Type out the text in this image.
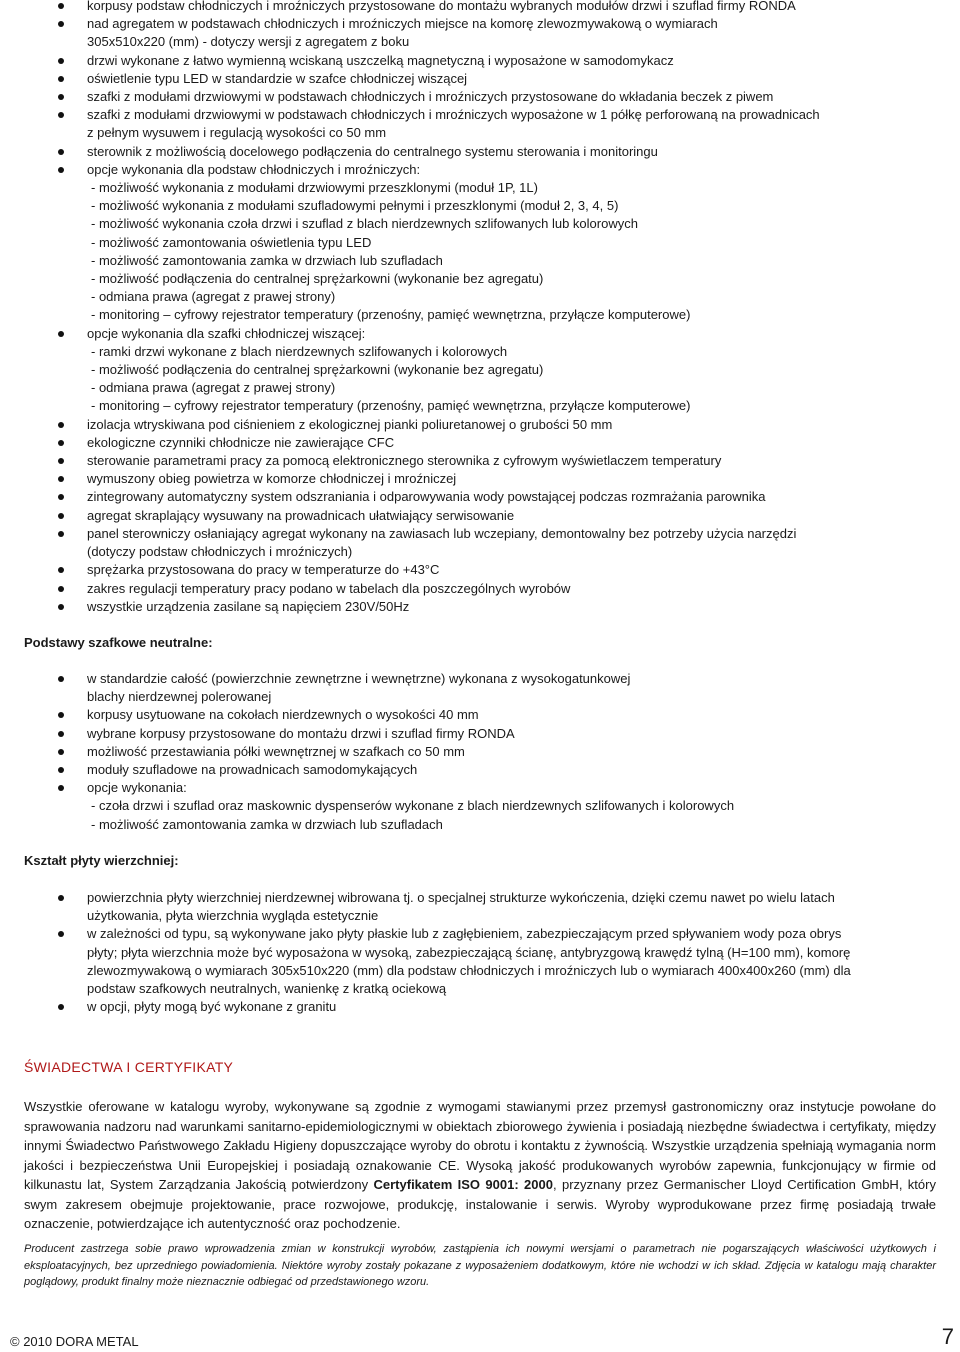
korpusy podstaw chłodniczych i mroźniczych przystosowane do montażu wybranych modułów drzwi i szuflad firmy RONDA
nad agregatem w podstawach chłodniczych i mroźniczych miejsce na komorę zlewozmywakową o wymiarach
305x510x220 (mm) - dotyczy wersji z agregatem z boku
drzwi wykonane z łatwo wymienną wciskaną uszczelką magnetyczną i wyposażone w samodomykacz
oświetlenie typu LED w standardzie w szafce chłodniczej wiszącej
szafki z modułami drzwiowymi w podstawach chłodniczych i mroźniczych przystosowane do wkładania beczek z piwem
szafki z modułami drzwiowymi w podstawach chłodniczych i mroźniczych wyposażone w 1 półkę perforowaną na prowadnicach
z pełnym wysuwem i regulacją wysokości co 50 mm
sterownik z możliwością docelowego podłączenia do centralnego systemu sterowania i monitoringu
opcje wykonania dla podstaw chłodniczych i mroźniczych:
- możliwość wykonania z modułami drzwiowymi przeszklonymi (moduł 1P, 1L)
- możliwość wykonania z modułami szufladowymi pełnymi i przeszklonymi (moduł 2, 3, 4, 5)
- możliwość wykonania czoła drzwi i szuflad z blach nierdzewnych szlifowanych lub kolorowych
- możliwość zamontowania oświetlenia typu LED
- możliwość zamontowania zamka w drzwiach lub szufladach
- możliwość podłączenia do centralnej sprężarkowni (wykonanie bez agregatu)
- odmiana prawa (agregat z prawej strony)
- monitoring – cyfrowy rejestrator temperatury (przenośny, pamięć wewnętrzna, przyłącze komputerowe)
opcje wykonania dla szafki chłodniczej wiszącej:
- ramki drzwi wykonane z blach nierdzewnych szlifowanych i kolorowych
- możliwość podłączenia do centralnej sprężarkowni (wykonanie bez agregatu)
- odmiana prawa (agregat z prawej strony)
- monitoring – cyfrowy rejestrator temperatury (przenośny, pamięć wewnętrzna, przyłącze komputerowe)
izolacja wtryskiwana pod ciśnieniem z ekologicznej pianki poliuretanowej o grubości 50 mm
ekologiczne czynniki chłodnicze nie zawierające CFC
sterowanie parametrami pracy za pomocą elektronicznego sterownika z cyfrowym wyświetlaczem temperatury
wymuszony obieg powietrza w komorze chłodniczej i mroźniczej
zintegrowany automatyczny system odszraniania i odparowywania wody powstającej podczas rozmrażania parownika
agregat skraplający wysuwany na prowadnicach ułatwiający serwisowanie
panel sterowniczy osłaniający agregat wykonany na zawiasach lub wczepiany, demontowalny bez potrzeby użycia narzędzi
(dotyczy podstaw chłodniczych i mroźniczych)
sprężarka przystosowana do pracy w temperaturze do +43°C
zakres regulacji temperatury pracy podano w tabelach dla poszczególnych wyrobów
wszystkie urządzenia zasilane są napięciem 230V/50Hz
Podstawy szafkowe neutralne:
w standardzie całość (powierzchnie zewnętrzne i wewnętrzne) wykonana z wysokogatunkowej
blachy nierdzewnej polerowanej
korpusy usytuowane na cokołach nierdzewnych o wysokości 40 mm
wybrane korpusy przystosowane do montażu drzwi i szuflad firmy RONDA
możliwość przestawiania półki wewnętrznej w szafkach co 50 mm
moduły szufladowe na prowadnicach samodomykających
opcje wykonania:
- czoła drzwi i szuflad oraz maskownic dyspenserów wykonane z blach nierdzewnych szlifowanych i kolorowych
- możliwość zamontowania zamka w drzwiach lub szufladach
Kształt płyty wierzchniej:
powierzchnia płyty wierzchniej nierdzewnej wibrowana tj. o specjalnej strukturze wykończenia, dzięki czemu nawet po wielu latach
użytkowania, płyta wierzchnia wygląda estetycznie
w zależności od typu, są wykonywane jako płyty płaskie lub z zagłębieniem, zabezpieczającym przed spływaniem wody poza obrys
płyty; płyta wierzchnia może być wyposażona w wysoką, zabezpieczającą ścianę, antybryzgową krawędź tylną (H=100 mm), komorę
zlewozmywakową o wymiarach 305x510x220 (mm) dla podstaw chłodniczych i mroźniczych lub o wymiarach 400x400x260 (mm) dla
podstaw szafkowych neutralnych, wanienkę z kratką ociekową
w opcji, płyty mogą być wykonane z granitu
ŚWIADECTWA I CERTYFIKATY

Wszystkie oferowane w katalogu wyroby, wykonywane są zgodnie z wymogami stawianymi przez przemysł gastronomiczny oraz instytucje powołane do sprawowania nadzoru nad warunkami sanitarno-epidemiologicznymi w obiektach zbiorowego żywienia i posiadają niezbędne świadectwa i certyfikaty, między innymi Świadectwo Państwowego Zakładu Higieny dopuszczające wyroby do obrotu i kontaktu z żywnością. Wszystkie urządzenia spełniają wymagania norm jakości i bezpieczeństwa Unii Europejskiej i posiadają oznakowanie CE. Wysoką jakość produkowanych wyrobów zapewnia, funkcjonujący w firmie od kilkunastu lat, System Zarządzania Jakością potwierdzony Certyfikatem ISO 9001: 2000, przyznany przez Germanischer Lloyd Certification GmbH, który swym zakresem obejmuje projektowanie, prace rozwojowe, produkcję, instalowanie i serwis. Wyroby wyprodukowane przez firmę posiadają trwałe oznaczenie, potwierdzające ich autentyczność oraz pochodzenie.

Producent zastrzega sobie prawo wprowadzenia zmian w konstrukcji wyrobów, zastąpienia ich nowymi wersjami o parametrach nie pogarszających właściwości użytkowych i eksploatacyjnych, bez uprzedniego powiadomienia. Niektóre wyroby zostały pokazane z wyposażeniem dodatkowym, które nie wchodzi w ich skład. Zdjęcia w katalogu mają charakter poglądowy, produkt finalny może nieznacznie odbiegać od przedstawionego wzoru.

© 2010 DORA METAL	7
